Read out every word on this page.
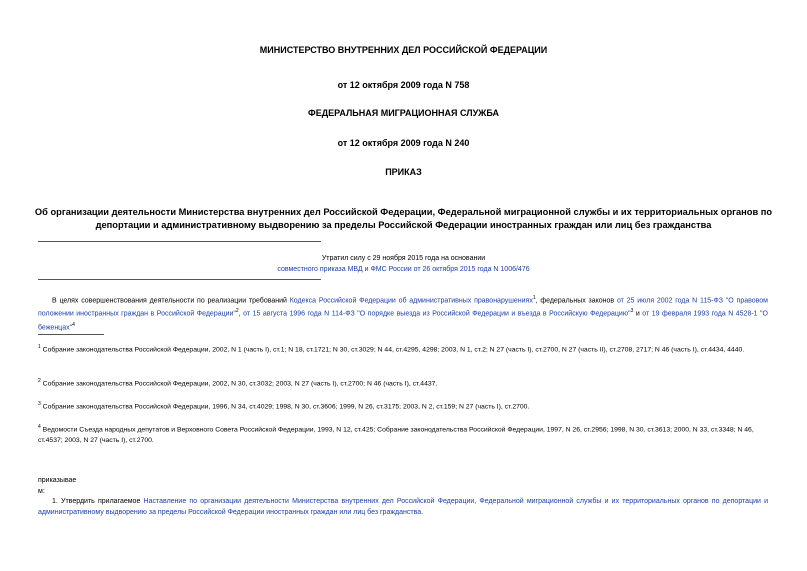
МИНИСТЕРСТВО ВНУТРЕННИХ ДЕЛ РОССИЙСКОЙ ФЕДЕРАЦИИ
от 12 октября 2009 года N 758
ФЕДЕРАЛЬНАЯ МИГРАЦИОННАЯ СЛУЖБА
от 12 октября 2009 года N 240
ПРИКАЗ
Об организации деятельности Министерства внутренних дел Российской Федерации, Федеральной миграционной службы и их территориальных органов по депортации и административному выдворению за пределы Российской Федерации иностранных граждан или лиц без гражданства
Утратил силу с 29 ноября 2015 года на основании
совместного приказа МВД и ФМС России от 26 октября 2015 года N 1006/476
В целях совершенствования деятельности по реализации требований Кодекса Российской Федерации об административных правонарушениях$^1$, федеральных законов от 25 июля 2002 года N 115-ФЗ "О правовом положении иностранных граждан в Российской Федерации"$^2$, от 15 августа 1996 года N 114-ФЗ "О порядке выезда из Российской Федерации и въезда в Российскую Федерацию"$^3$ и от 19 февраля 1993 года N 4528-1 "О беженцах"$^4$
$^1$ Собрание законодательства Российской Федерации, 2002, N 1 (часть I), ст.1; N 18, ст.1721; N 30, ст.3029; N 44, ст.4295, 4298; 2003, N 1, ст.2; N 27 (часть I), ст.2700, N 27 (часть II), ст.2708, 2717; N 46 (часть I), ст.4434, 4440.
$^2$ Собрание законодательства Российской Федерации, 2002, N 30, ст.3032; 2003, N 27 (часть I), ст.2700; N 46 (часть I), ст.4437.
$^3$ Собрание законодательства Российской Федерации, 1996, N 34, ст.4029; 1998, N 30, ст.3606; 1999, N 26, ст.3175; 2003, N 2, ст.159; N 27 (часть I), ст.2700.
$^4$ Ведомости Съезда народных депутатов и Верховного Совета Российской Федерации, 1993, N 12, ст.425; Собрание законодательства Российской Федерации, 1997, N 26, ст.2956; 1998, N 30, ст.3613; 2000, N 33, ст.3348; N 46, ст.4537; 2003, N 27 (часть I), ст.2700.
приказывае
м:
1. Утвердить прилагаемое Наставление по организации деятельности Министерства внутренних дел Российской Федерации, Федеральной миграционной службы и их территориальных органов по депортации и административному выдворению за пределы Российской Федерации иностранных граждан или лиц без гражданства.
